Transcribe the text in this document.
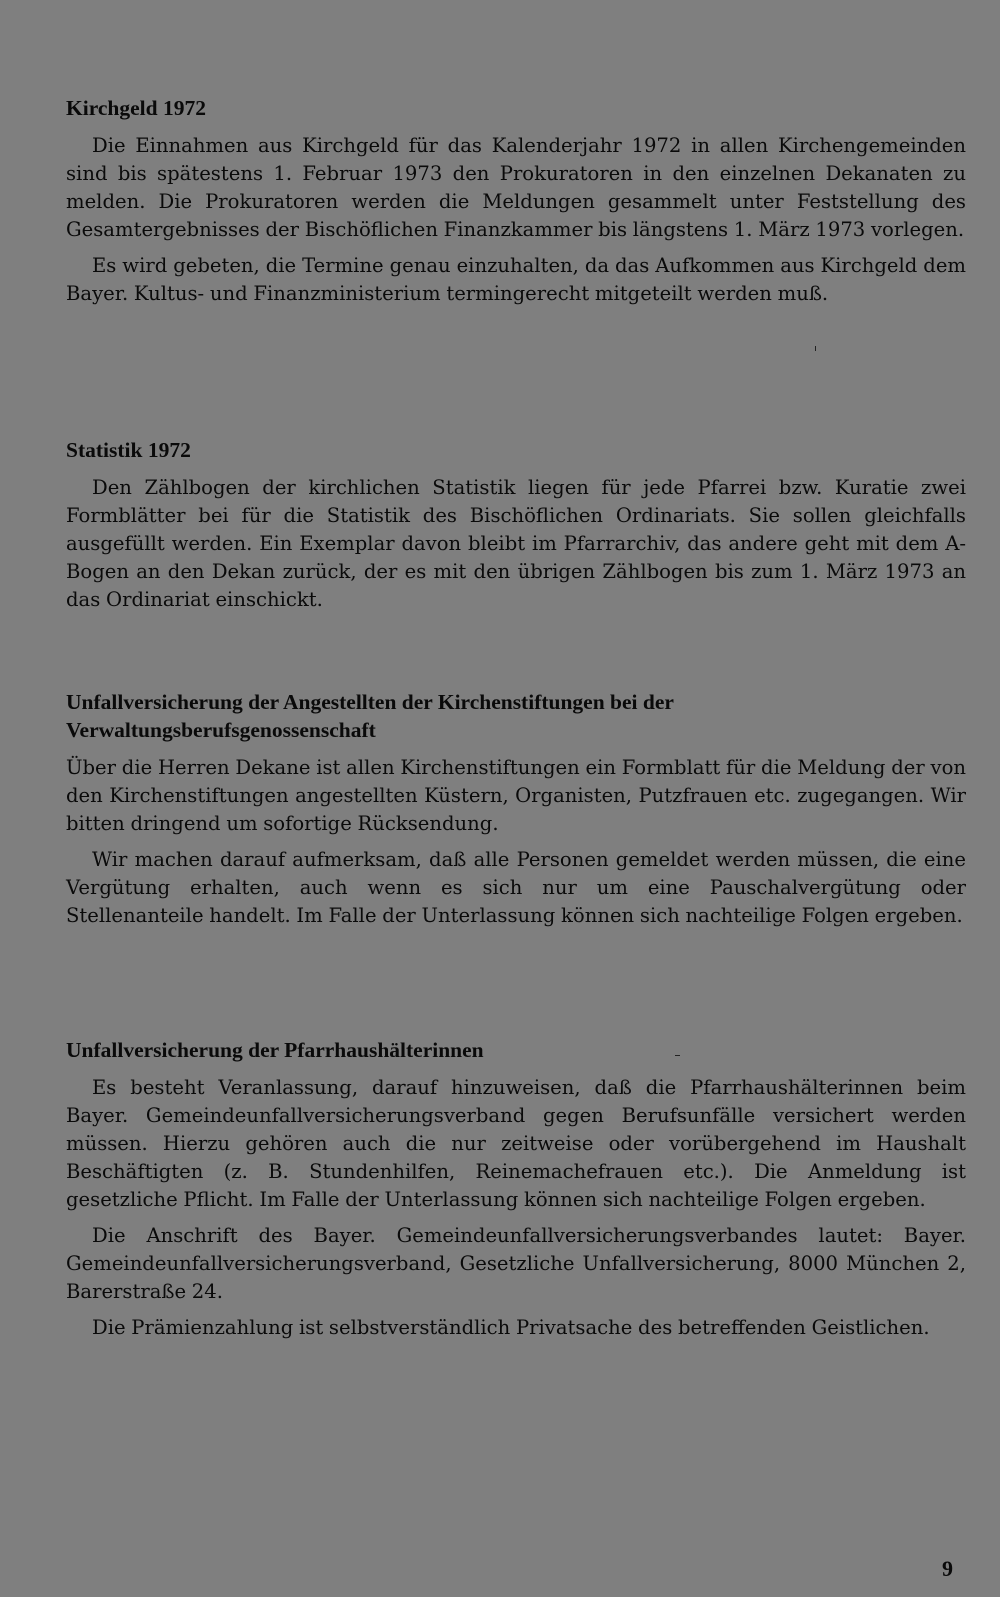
Kirchgeld 1972

Die Einnahmen aus Kirchgeld für das Kalenderjahr 1972 in allen Kirchengemeinden sind bis spätestens 1. Februar 1973 den Prokuratoren in den einzelnen Dekanaten zu melden. Die Prokuratoren werden die Meldungen gesammelt unter Feststellung des Gesamtergebnisses der Bischöflichen Finanzkammer bis längstens 1. März 1973 vorlegen.

Es wird gebeten, die Termine genau einzuhalten, da das Aufkommen aus Kirchgeld dem Bayer. Kultus- und Finanzministerium termingerecht mitgeteilt werden muß.

Statistik 1972

Den Zählbogen der kirchlichen Statistik liegen für jede Pfarrei bzw. Kuratie zwei Formblätter bei für die Statistik des Bischöflichen Ordinariats. Sie sollen gleichfalls ausgefüllt werden. Ein Exemplar davon bleibt im Pfarrarchiv, das andere geht mit dem A-Bogen an den Dekan zurück, der es mit den übrigen Zählbogen bis zum 1. März 1973 an das Ordinariat einschickt.

Unfallversicherung der Angestellten der Kirchenstiftungen bei der Verwaltungsberufsgenossenschaft

Über die Herren Dekane ist allen Kirchenstiftungen ein Formblatt für die Meldung der von den Kirchenstiftungen angestellten Küstern, Organisten, Putzfrauen etc. zugegangen. Wir bitten dringend um sofortige Rücksendung.

Wir machen darauf aufmerksam, daß alle Personen gemeldet werden müssen, die eine Vergütung erhalten, auch wenn es sich nur um eine Pauschalvergütung oder Stellenanteile handelt. Im Falle der Unterlassung können sich nachteilige Folgen ergeben.

Unfallversicherung der Pfarrhaushälterinnen

Es besteht Veranlassung, darauf hinzuweisen, daß die Pfarrhaushälterinnen beim Bayer. Gemeindeunfallversicherungsverband gegen Berufsunfälle versichert werden müssen. Hierzu gehören auch die nur zeitweise oder vorübergehend im Haushalt Beschäftigten (z. B. Stundenhilfen, Reinemachefrauen etc.). Die Anmeldung ist gesetzliche Pflicht. Im Falle der Unterlassung können sich nachteilige Folgen ergeben.

Die Anschrift des Bayer. Gemeindeunfallversicherungsverbandes lautet: Bayer. Gemeindeunfallversicherungsverband, Gesetzliche Unfallversicherung, 8000 München 2, Barerstraße 24.

Die Prämienzahlung ist selbstverständlich Privatsache des betreffenden Geistlichen.

9
